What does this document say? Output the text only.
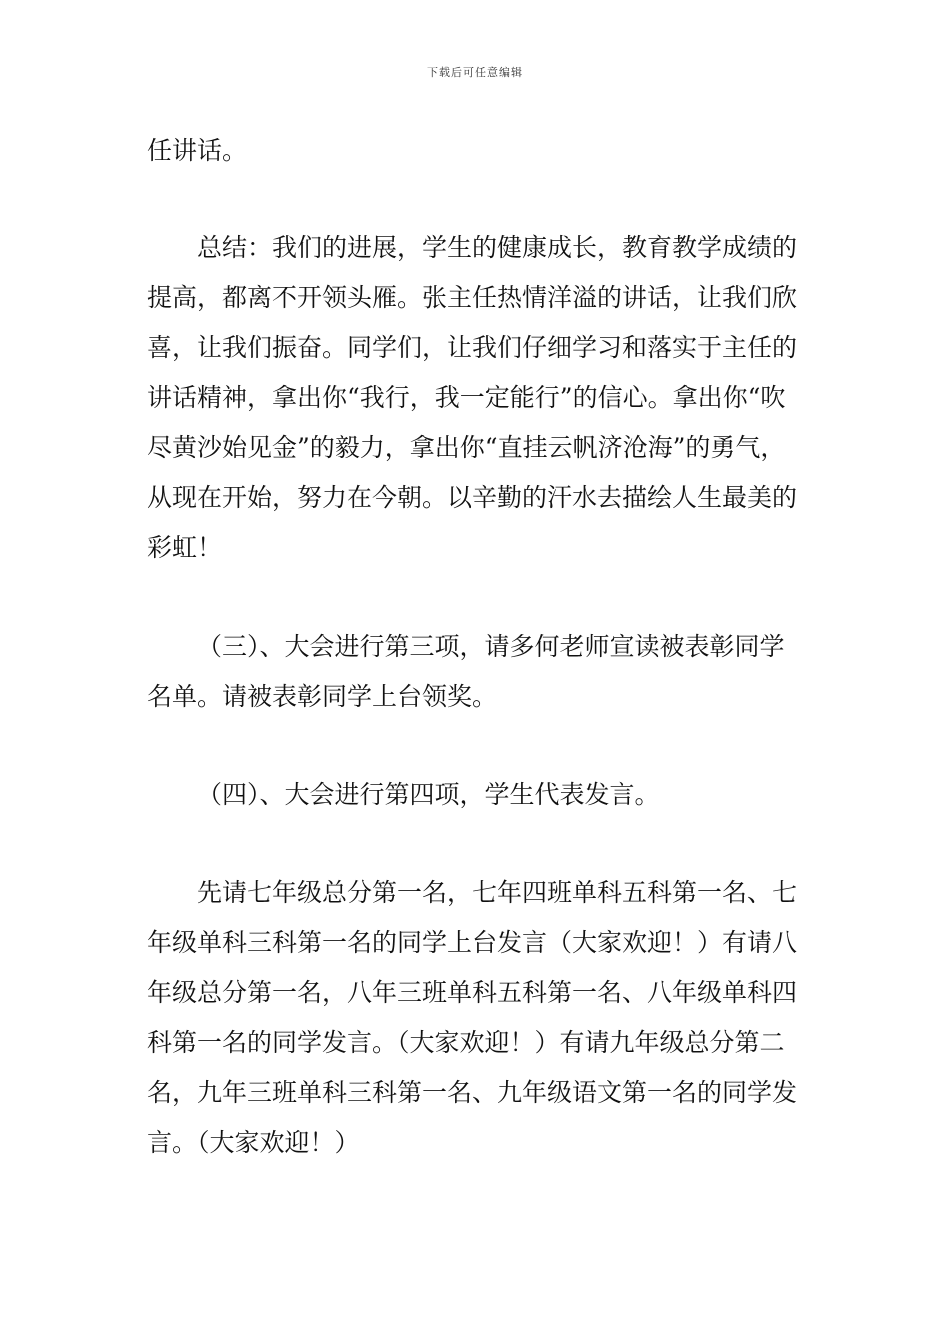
下载后可任意编辑

任讲话。

总结：我们的进展，学生的健康成长，教育教学成绩的提高，都离不开领头雁。张主任热情洋溢的讲话，让我们欣喜，让我们振奋。同学们，让我们仔细学习和落实于主任的讲话精神，拿出你“我行，我一定能行”的信心。拿出你“吹尽黄沙始见金”的毅力，拿出你“直挂云帆济沧海”的勇气，从现在开始，努力在今朝。以辛勤的汗水去描绘人生最美的彩虹！

（三）、大会进行第三项，请多何老师宣读被表彰同学名单。请被表彰同学上台领奖。

（四）、大会进行第四项，学生代表发言。

先请七年级总分第一名，七年四班单科五科第一名、七年级单科三科第一名的同学上台发言（大家欢迎！）有请八年级总分第一名，八年三班单科五科第一名、八年级单科四科第一名的同学发言。（大家欢迎！）有请九年级总分第二名，九年三班单科三科第一名、九年级语文第一名的同学发言。（大家欢迎！）
